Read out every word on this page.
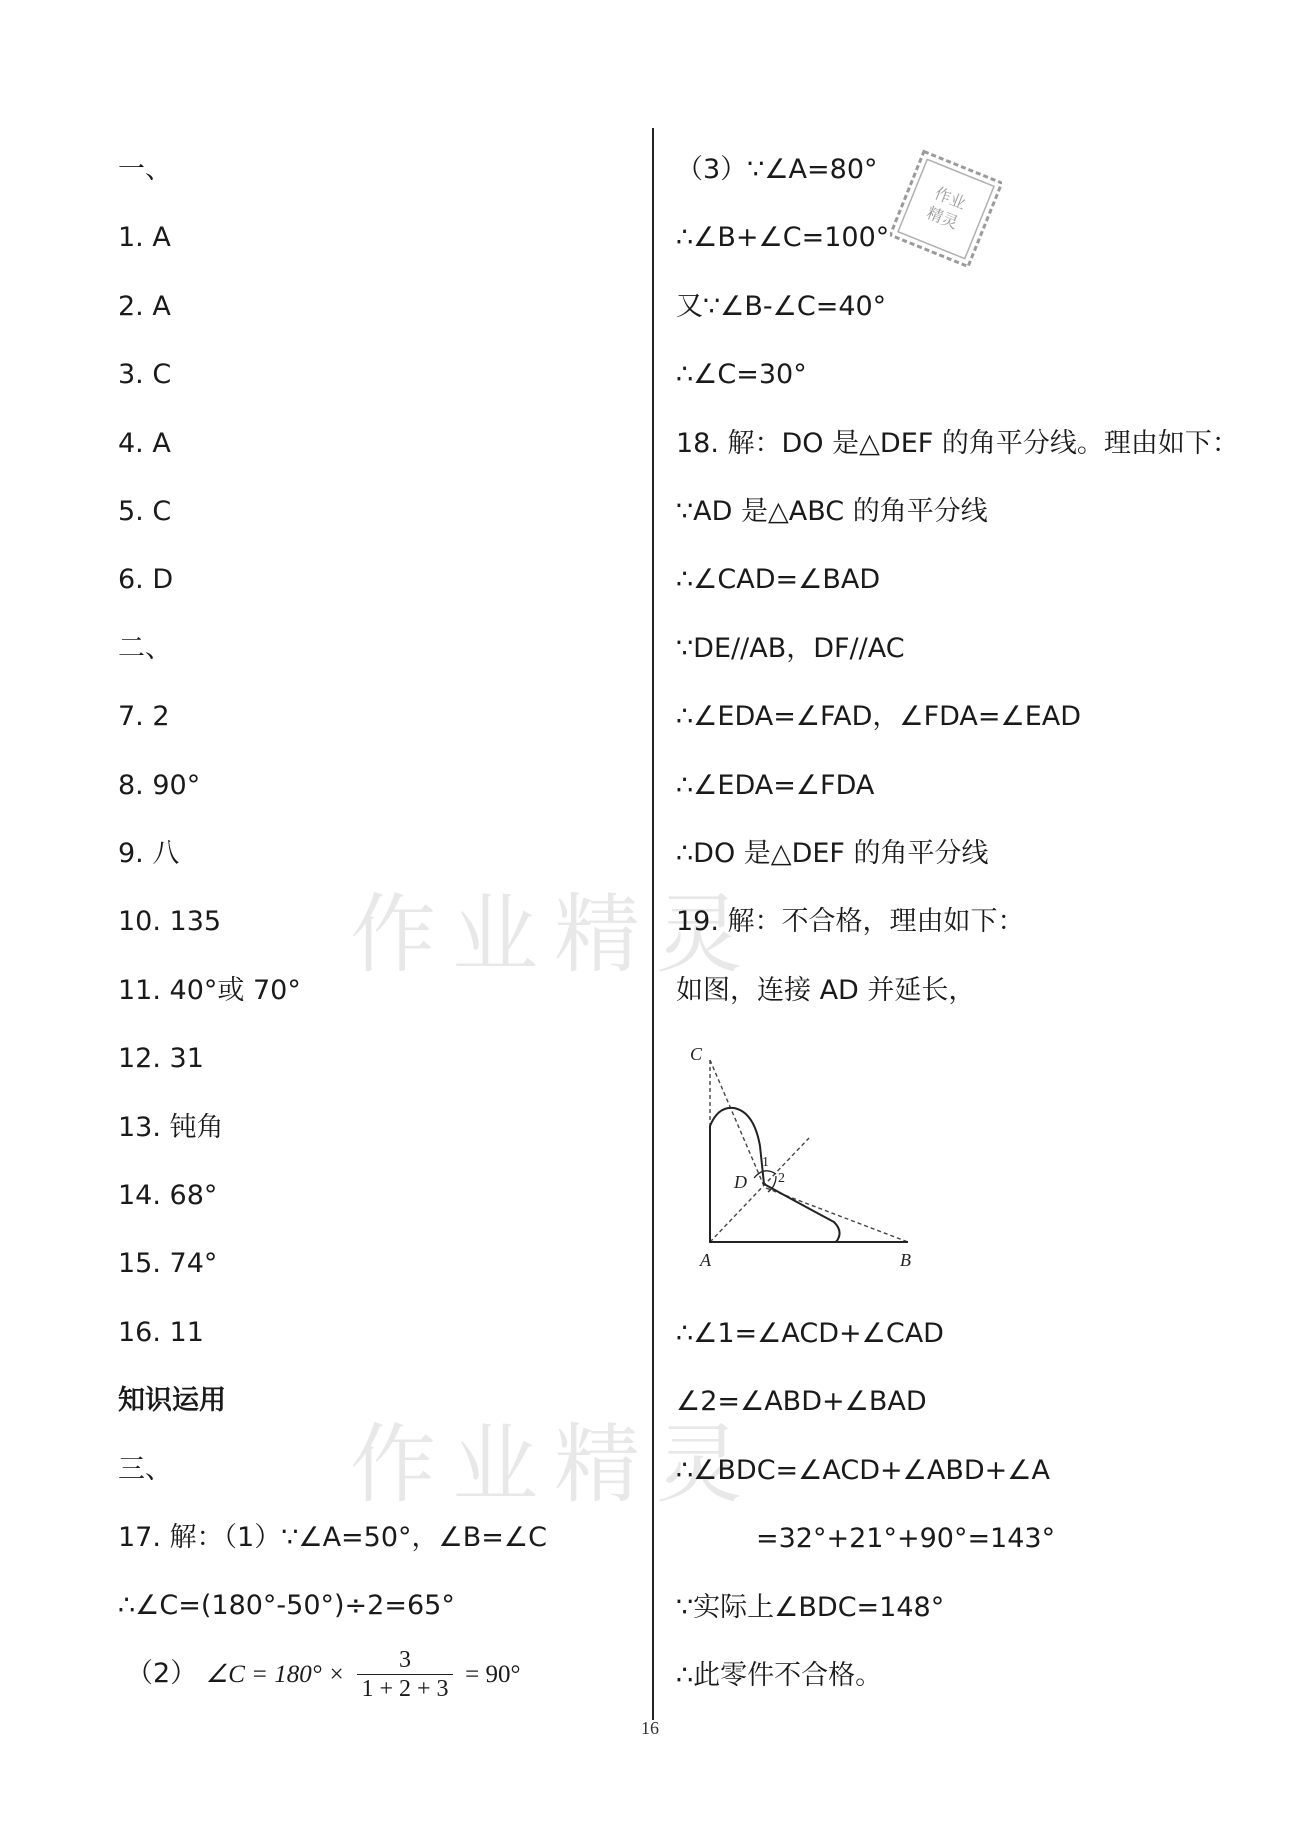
作业精灵
作业精灵
作业
精灵
一、
1. A
2. A
3. C
4. A
5. C
6. D
二、
7. 2
8. 90°
9. 八
10. 135
11. 40°或 70°
12. 31
13. 钝角
14. 68°
15. 74°
16. 11
知识运用
三、
17. 解：（1）∵∠A=50°，∠B=∠C
∴∠C=(180°-50°)÷2=65°
（2） ∠C = $180^\circ \times \frac{3}{1 + 2 + 3} = 90^\circ$
（3）∵∠A=80°
∴∠B+∠C=100°
又∵∠B-∠C=40°
∴∠C=30°
18. 解：DO 是△DEF 的角平分线。理由如下：
∵AD 是△ABC 的角平分线
∴∠CAD=∠BAD
∵DE//AB，DF//AC
∴∠EDA=∠FAD，∠FDA=∠EAD
∴∠EDA=∠FDA
∴DO 是△DEF 的角平分线
19. 解：不合格，理由如下：
如图，连接 AD 并延长，
∴∠1=∠ACD+∠CAD
∠2=∠ABD+∠BAD
∴∠BDC=∠ACD+∠ABD+∠A
=32°+21°+90°=143°
∵实际上∠BDC=148°
∴此零件不合格。
C
D
1
2
A	B
16
